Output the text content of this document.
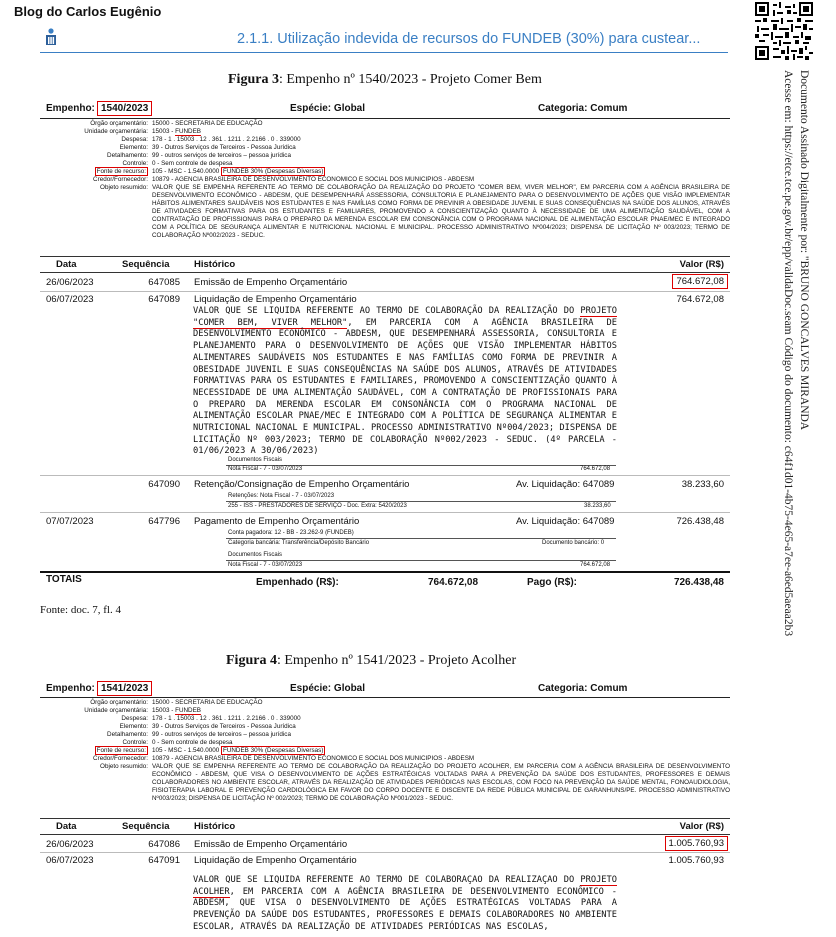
Blog do Carlos Eugênio
2.1.1. Utilização indevida de recursos do FUNDEB (30%) para custear...
Documento Assinado Digitalmente por: "BRUNO GONCALVES MIRANDA
Acesse em: https://etce.tce.pe.gov.br/epp/validaDoc.seam Código do documento: c64f1d01-4b75-4e65-a7ee-a6ed5aeaa2b3
Figura 3: Empenho nº 1540/2023 - Projeto Comer Bem
Empenho: 1540/2023	Espécie: Global	Categoria: Comum
Órgão orçamentário: 15000 - SECRETARIA DE EDUCAÇÃO
Unidade orçamentária: 15003 - FUNDEB
Despesa: 178 - 1 . 15003 . 12 . 361 . 1211 . 2.2166 . 0 . 339000
Elemento: 39 - Outros Serviços de Terceiros - Pessoa Jurídica
Detalhamento: 99 - outros serviços de terceiros – pessoa jurídica
Controle: 0 - Sem controle de despesa
Fonte de recurso: 105 - MSC - 1.540.0000 FUNDEB 30% (Despesas Diversas)
Credor/Fornecedor: 10879 - AGENCIA BRASILEIRA DE DESENVOLVIMENTO ECONOMICO E SOCIAL DOS MUNICIPIOS - ABDESM
Objeto resumido: VALOR QUE SE EMPENHA REFERENTE AO TERMO DE COLABORAÇÃO DA REALIZAÇÃO DO PROJETO "COMER BEM, VIVER MELHOR", EM PARCERIA COM A AGÊNCIA BRASILEIRA DE DESENVOLVIMENTO ECONÔMICO - ABDESM, QUE DESEMPENHARÁ ASSESSORIA, CONSULTORIA E PLANEJAMENTO PARA O DESENVOLVIMENTO DE AÇÕES QUE VISÃO IMPLEMENTAR HÁBITOS ALIMENTARES SAUDÁVEIS NOS ESTUDANTES E NAS FAMÍLIAS COMO FORMA DE PREVINIR A OBESIDADE JUVENIL E SUAS CONSEQUÊNCIAS NA SAÚDE DOS ALUNOS, ATRAVÉS DE ATIVIDADES FORMATIVAS PARA OS ESTUDANTES E FAMILIARES, PROMOVENDO A CONSCIENTIZAÇÃO QUANTO À NECESSIDADE DE UMA ALIMENTAÇÃO SAUDÁVEL, COM A CONTRATAÇÃO DE PROFISSIONAIS PARA O PREPARO DA MERENDA ESCOLAR EM CONSONÂNCIA COM O PROGRAMA NACIONAL DE ALIMENTAÇÃO ESCOLAR PNAE/MEC E INTEGRADO COM A POLÍTICA DE SEGURANÇA ALIMENTAR E NUTRICIONAL NACIONAL E MUNICIPAL. PROCESSO ADMINISTRATIVO Nº004/2023; DISPENSA DE LICITAÇÃO Nº 003/2023; TERMO DE COLABORAÇÃO Nº002/2023 - SEDUC.
Data	Sequência	Histórico	Valor (R$)
26/06/2023	647085 Emissão de Empenho Orçamentário	764.672,08
06/07/2023	647089 Liquidação de Empenho Orçamentário	764.672,08
VALOR QUE SE LIQUIDA REFERENTE AO TERMO DE COLABORAÇÃO DA REALIZAÇÃO DO PROJETO "COMER BEM, VIVER MELHOR", EM PARCERIA COM A AGÊNCIA BRASILEIRA DE DESENVOLVIMENTO ECONÔMICO - ABDESM, QUE DESEMPENHARÁ ASSESSORIA, CONSULTORIA E PLANEJAMENTO PARA O DESENVOLVIMENTO DE AÇÕES QUE VISÃO IMPLEMENTAR HÁBITOS ALIMENTARES SAUDÁVEIS NOS ESTUDANTES E NAS FAMÍLIAS COMO FORMA DE PREVINIR A OBESIDADE JUVENIL E SUAS CONSEQUÊNCIAS NA SAÚDE DOS ALUNOS, ATRAVÉS DE ATIVIDADES FORMATIVAS PARA OS ESTUDANTES E FAMILIARES, PROMOVENDO A CONSCIENTIZAÇÃO QUANTO À NECESSIDADE DE UMA ALIMENTAÇÃO SAUDÁVEL, COM A CONTRATAÇÃO DE PROFISSIONAIS PARA O PREPARO DA MERENDA ESCOLAR EM CONSONÂNCIA COM O PROGRAMA NACIONAL DE ALIMENTAÇÃO ESCOLAR PNAE/MEC E INTEGRADO COM A POLÍTICA DE SEGURANÇA ALIMENTAR E NUTRICIONAL NACIONAL E MUNICIPAL. PROCESSO ADMINISTRATIVO Nº004/2023; DISPENSA DE LICITAÇÃO Nº 003/2023; TERMO DE COLABORAÇÃO Nº002/2023 - SEDUC. (4º PARCELA - 01/06/2023 A 30/06/2023)
Documentos Fiscais
Nota Fiscal - 7 - 03/07/2023	764.672,08
647090 Retenção/Consignação de Empenho Orçamentário	Av. Liquidação: 647089	38.233,60
Retenções: Nota Fiscal - 7 - 03/07/2023
255 - ISS - PRESTADORES DE SERVIÇO - Doc. Extra: 5420/2023	38.233,60
07/07/2023	647796 Pagamento de Empenho Orçamentário	Av. Liquidação: 647089	726.438,48
Conta pagadora: 12 - BB - 23.262-9 (FUNDEB)
Categoria bancária: Transferência/Depósito Bancário	Documento bancário: 0
Documentos Fiscais
Nota Fiscal - 7 - 03/07/2023	764.672,08
TOTAIS	Empenhado (R$):	764.672,08	Pago (R$):	726.438,48
Fonte: doc. 7, fl. 4
Figura 4: Empenho nº 1541/2023 - Projeto Acolher
Empenho: 1541/2023	Espécie: Global	Categoria: Comum
Órgão orçamentário: 15000 - SECRETARIA DE EDUCAÇÃO
Unidade orçamentária: 15003 - FUNDEB
Despesa: 178 - 1 . 15003 . 12 . 361 . 1211 . 2.2166 . 0 . 339000
Elemento: 39 - Outros Serviços de Terceiros - Pessoa Jurídica
Detalhamento: 99 - outros serviços de terceiros – pessoa jurídica
Controle: 0 - Sem controle de despesa
Fonte de recurso: 105 - MSC - 1.540.0000 FUNDEB 30% (Despesas Diversas)
Credor/Fornecedor: 10879 - AGENCIA BRASILEIRA DE DESENVOLVIMENTO ECONOMICO E SOCIAL DOS MUNICIPIOS - ABDESM
Objeto resumido: VALOR QUE SE EMPENHA REFERENTE AO TERMO DE COLABORAÇÃO DA REALIZAÇÃO DO PROJETO ACOLHER, EM PARCERIA COM A AGÊNCIA BRASILEIRA DE DESENVOLVIMENTO ECONÔMICO - ABDESM, QUE VISA O DESENVOLVIMENTO DE AÇÕES ESTRATÉGICAS VOLTADAS PARA A PREVENÇÃO DA SAÚDE DOS ESTUDANTES, PROFESSORES E DEMAIS COLABORADORES NO AMBIENTE ESCOLAR, ATRAVÉS DA REALIZAÇÃO DE ATIVIDADES PERIÓDICAS NAS ESCOLAS, COM FOCO NA PREVENÇÃO DA SAÚDE MENTAL, FONOAUDIOLOGIA, FISIOTERAPIA LABORAL E PREVENÇÃO CARDIOLÓGICA EM FAVOR DO CORPO DOCENTE E DISCENTE DA REDE PÚBLICA MUNICIPAL DE GARANHUNS/PE. PROCESSO ADMINISTRATIVO Nº003/2023; DISPENSA DE LICITAÇÃO Nº 002/2023; TERMO DE COLABORAÇÃO Nº001/2023 - SEDUC.
Data	Sequência	Histórico	Valor (R$)
26/06/2023	647086 Emissão de Empenho Orçamentário	1.005.760,93
06/07/2023	647091 Liquidação de Empenho Orçamentário	1.005.760,93
VALOR QUE SE LIQUIDA REFERENTE AO TERMO DE COLABORAÇÃO DA REALIZAÇÃO DO PROJETO ACOLHER, EM PARCERIA COM A AGÊNCIA BRASILEIRA DE DESENVOLVIMENTO ECONÔMICO - ABDESM, QUE VISA O DESENVOLVIMENTO DE AÇÕES ESTRATÉGICAS VOLTADAS PARA A PREVENÇÃO DA SAÚDE DOS ESTUDANTES, PROFESSORES E DEMAIS COLABORADORES NO AMBIENTE ESCOLAR, ATRAVÉS DA REALIZAÇÃO DE ATIVIDADES PERIÓDICAS NAS ESCOLAS,
